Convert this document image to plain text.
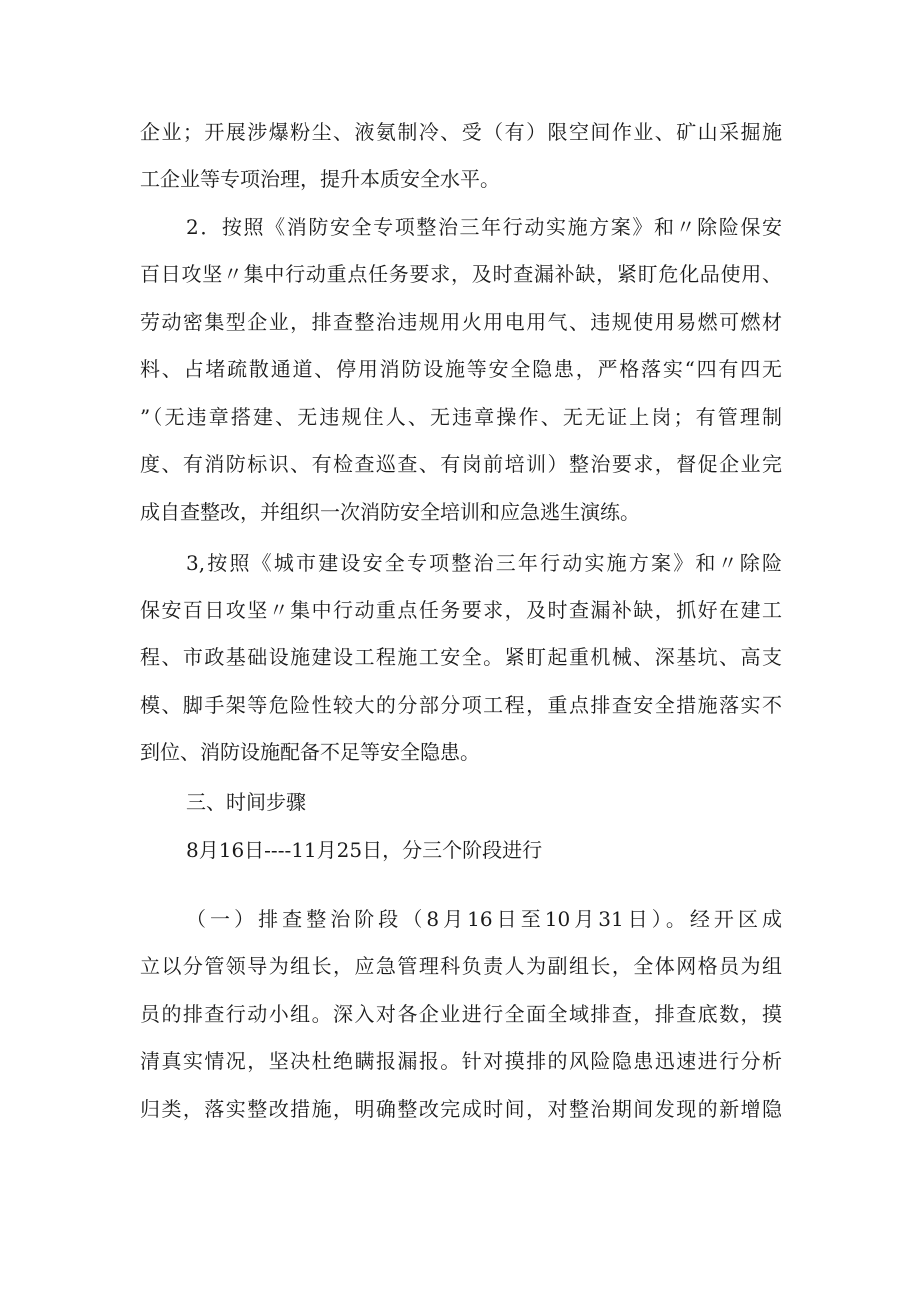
企业；开展涉爆粉尘、液氨制冷、受（有）限空间作业、矿山采掘施

工企业等专项治理，提升本质安全水平。

2．按照《消防安全专项整治三年行动实施方案》和〃除险保安

百日攻坚〃集中行动重点任务要求，及时查漏补缺，紧盯危化品使用、

劳动密集型企业，排查整治违规用火用电用气、违规使用易燃可燃材

料、占堵疏散通道、停用消防设施等安全隐患，严格落实“四有四无

”（无违章搭建、无违规住人、无违章操作、无无证上岗；有管理制

度、有消防标识、有检查巡查、有岗前培训）整治要求，督促企业完

成自查整改，并组织一次消防安全培训和应急逃生演练。

3,按照《城市建设安全专项整治三年行动实施方案》和〃除险

保安百日攻坚〃集中行动重点任务要求，及时查漏补缺，抓好在建工

程、市政基础设施建设工程施工安全。紧盯起重机械、深基坑、高支

模、脚手架等危险性较大的分部分项工程，重点排查安全措施落实不

到位、消防设施配备不足等安全隐患。

三、时间步骤

8月16日----11月25日，分三个阶段进行

（一）排查整治阶段（8月16日至10月31日）。经开区成

立以分管领导为组长，应急管理科负责人为副组长，全体网格员为组

员的排查行动小组。深入对各企业进行全面全域排查，排查底数，摸

清真实情况，坚决杜绝瞒报漏报。针对摸排的风险隐患迅速进行分析

归类，落实整改措施，明确整改完成时间，对整治期间发现的新增隐
